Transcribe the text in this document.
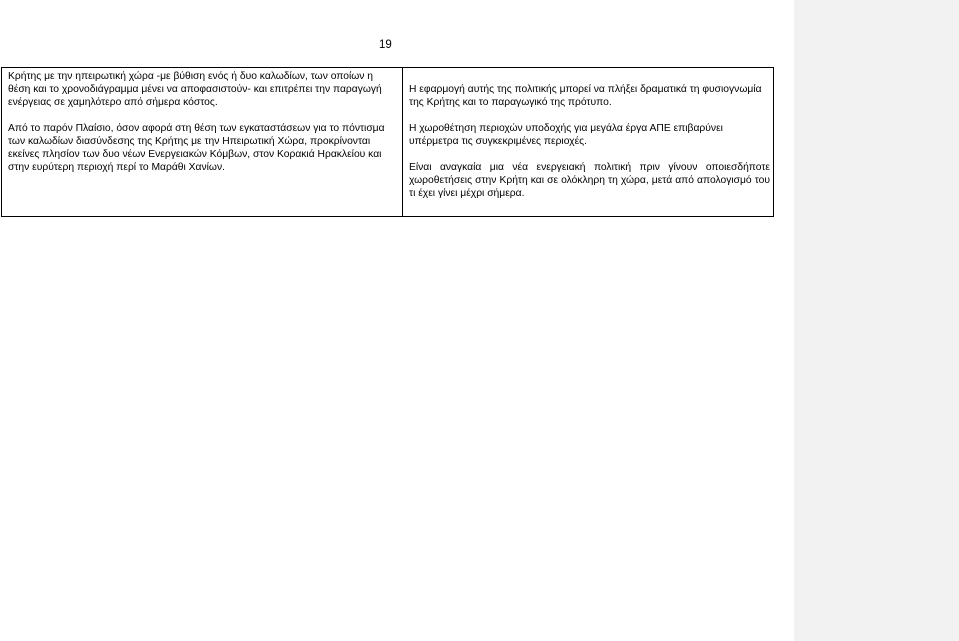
19

Κρήτης με την ηπειρωτική χώρα -με βύθιση ενός ή δυο καλωδίων, των οποίων η θέση και το χρονοδιάγραμμα μένει να αποφασιστούν- και επιτρέπει την παραγωγή ενέργειας σε χαμηλότερο από σήμερα κόστος.

Από το παρόν Πλαίσιο, όσον αφορά στη θέση των εγκαταστάσεων για το πόντισμα των καλωδίων διασύνδεσης της Κρήτης με την Ηπειρωτική Χώρα, προκρίνονται εκείνες πλησίον των δυο νέων Ενεργειακών Κόμβων, στον Κορακιά Ηρακλείου και στην ευρύτερη περιοχή περί το Μαράθι Χανίων.

Η εφαρμογή αυτής της πολιτικής μπορεί να πλήξει δραματικά τη φυσιογνωμία της Κρήτης και το παραγωγικό της πρότυπο.

Η χωροθέτηση περιοχών υποδοχής για μεγάλα έργα ΑΠΕ επιβαρύνει υπέρμετρα τις συγκεκριμένες περιοχές.

Είναι αναγκαία μια νέα ενεργειακή πολιτική πριν γίνουν οποιεσδήποτε χωροθετήσεις στην Κρήτη και σε ολόκληρη τη χώρα, μετά από απολογισμό του τι έχει γίνει μέχρι σήμερα.
